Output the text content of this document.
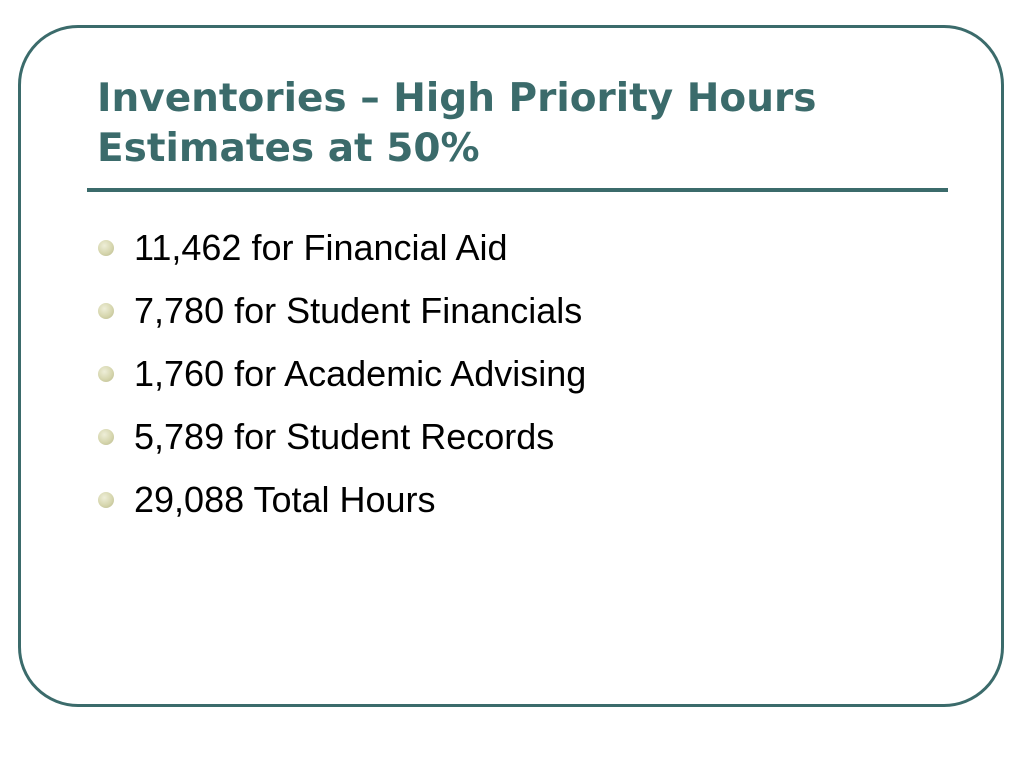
Inventories – High Priority Hours
Estimates at 50%
11,462 for Financial Aid
7,780 for Student Financials
1,760 for Academic Advising
5,789 for Student Records
29,088 Total Hours
